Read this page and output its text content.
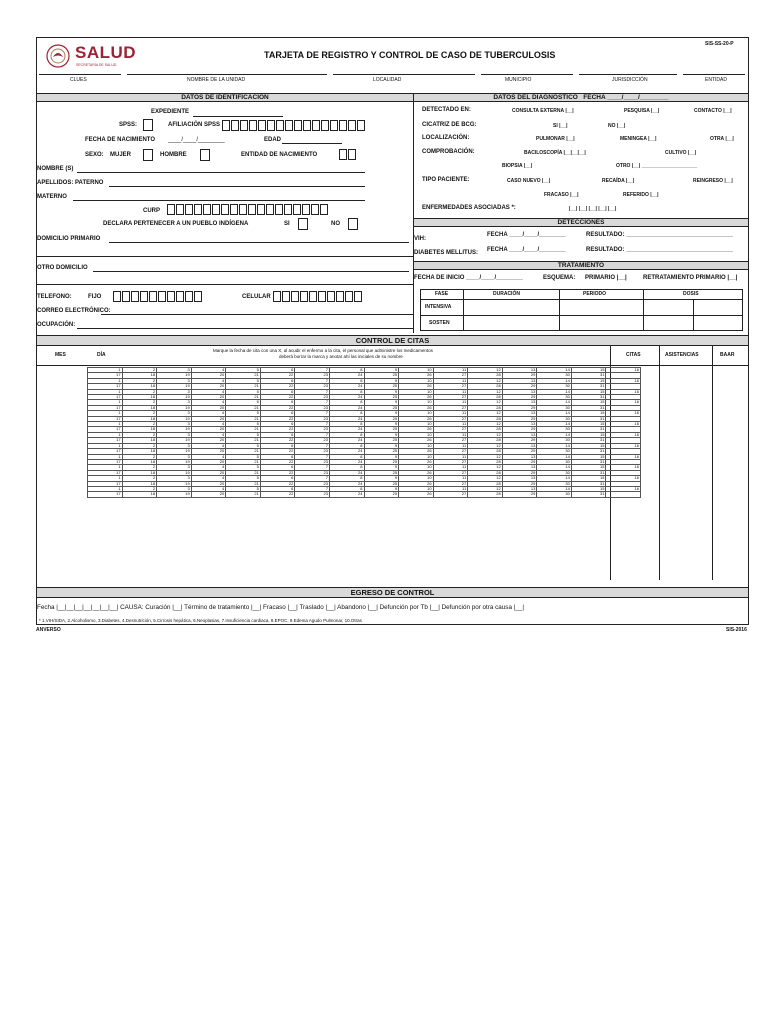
SALUD
SECRETARÍA DE SALUD
TARJETA DE REGISTRO Y CONTROL DE CASO DE TUBERCULOSIS
SIS-SS-20-P
CLUES	NOMBRE DE LA UNIDAD	LOCALIDAD	MUNICIPIO	JURISDICCIÓN	ENTIDAD
DATOS DE IDENTIFICACIÓN	DATOS DEL DIAGNÓSTICO FECHA ____/____/________
EXPEDIENTE
SPSS:	AFILIACIÓN SPSS
FECHA DE NACIMIENTO ____/____/________	EDAD
SEXO: MUJER	HOMBRE	ENTIDAD DE NACIMIENTO
NOMBRE (S)
APELLIDOS: PATERNO
MATERNO
CURP
DECLARA PERTENECER A UN PUEBLO INDÍGENA	SI	NO
DOMICILIO PRIMARIO
OTRO DOMICILIO
TELEFONO:	FIJO	CELULAR
CORREO ELECTRÓNICO:
OCUPACIÓN:
DETECTADO EN:	CONSULTA EXTERNA |__|	PESQUISA |__|	CONTACTO |__|
CICATRIZ DE BCG:	SI |__|	NO |__|
LOCALIZACIÓN:	PULMONAR |__|	MENINGEA |__|	OTRA |__|
COMPROBACIÓN:	BACILOSCOPÍA |__|__|__|	CULTIVO |__|
BIOPSIA |__|	OTRO |__| ____________________
TIPO PACIENTE:	CASO NUEVO |__|	RECAÍDA |__|	REINGRESO |__|
FRACASO |__|	REFERIDO |__|
ENFERMEDADES ASOCIADAS *:	|__| |__| |__| |__| |__|
DETECCIONES
VIH:
FECHA ____/____/________	RESULTADO: ________________________________
DIABETES MELLITUS: FECHA ____/____/________	RESULTADO: ________________________________
TRATAMIENTO
FECHA DE INICIO ____/____/________	ESQUEMA: PRIMARIO |__|	RETRATAMIENTO PRIMARIO |__|
FASE	DURACIÓN	PERIODO	DOSIS
INTENSIVA
SOSTEN
CONTROL DE CITAS
MES	DÍA
Marque la fecha de cita con una X, al acudir el enfermo a la cita, el personal que administre los medicamentos
deberá borrar la marca y anotar ahí las iniciales de su nombre	CITAS	ASISTENCIAS	BAAR
1	2	3	4	5	6	7	8	9	10	11	12	13	14	15	16
17	18	19	20	21	22	23	24	25	26	27	28	29	30	31	
1	2	3	4	5	6	7	8	9	10	11	12	13	14	15	16
17	18	19	20	21	22	23	24	25	26	27	28	29	30	31	
1	2	3	4	5	6	7	8	9	10	11	12	13	14	15	16
17	18	19	20	21	22	23	24	25	26	27	28	29	30	31	
1	2	3	4	5	6	7	8	9	10	11	12	13	14	15	16
17	18	19	20	21	22	23	24	25	26	27	28	29	30	31	
1	2	3	4	5	6	7	8	9	10	11	12	13	14	15	16
17	18	19	20	21	22	23	24	25	26	27	28	29	30	31	
1	2	3	4	5	6	7	8	9	10	11	12	13	14	15	16
17	18	19	20	21	22	23	24	25	26	27	28	29	30	31	
1	2	3	4	5	6	7	8	9	10	11	12	13	14	15	16
17	18	19	20	21	22	23	24	25	26	27	28	29	30	31	
1	2	3	4	5	6	7	8	9	10	11	12	13	14	15	16
17	18	19	20	21	22	23	24	25	26	27	28	29	30	31	
1	2	3	4	5	6	7	8	9	10	11	12	13	14	15	16
17	18	19	20	21	22	23	24	25	26	27	28	29	30	31	
1	2	3	4	5	6	7	8	9	10	11	12	13	14	15	16
17	18	19	20	21	22	23	24	25	26	27	28	29	30	31	
1	2	3	4	5	6	7	8	9	10	11	12	13	14	15	16
17	18	19	20	21	22	23	24	25	26	27	28	29	30	31	
1	2	3	4	5	6	7	8	9	10	11	12	13	14	15	16
17	18	19	20	21	22	23	24	25	26	27	28	29	30	31	
EGRESO DE CONTROL
Fecha |__|__|__|__|__|__|__| CAUSA: Curación |__| Término de tratamiento |__| Fracaso |__| Traslado |__| Abandono |__| Defunción por Tb |__| Defunción por otra causa |__|
* 1.VIH/SIDA, 2.Alcoholismo, 3.Diabetes, 4.Desnutrición, 5.Cirrosis hepática, 6.Neoplasias, 7.Insuficiencia cardiaca, 8.EPOC, 9.Edema Agudo Pulmonar, 10.Otras
ANVERSO	SIS-2016
